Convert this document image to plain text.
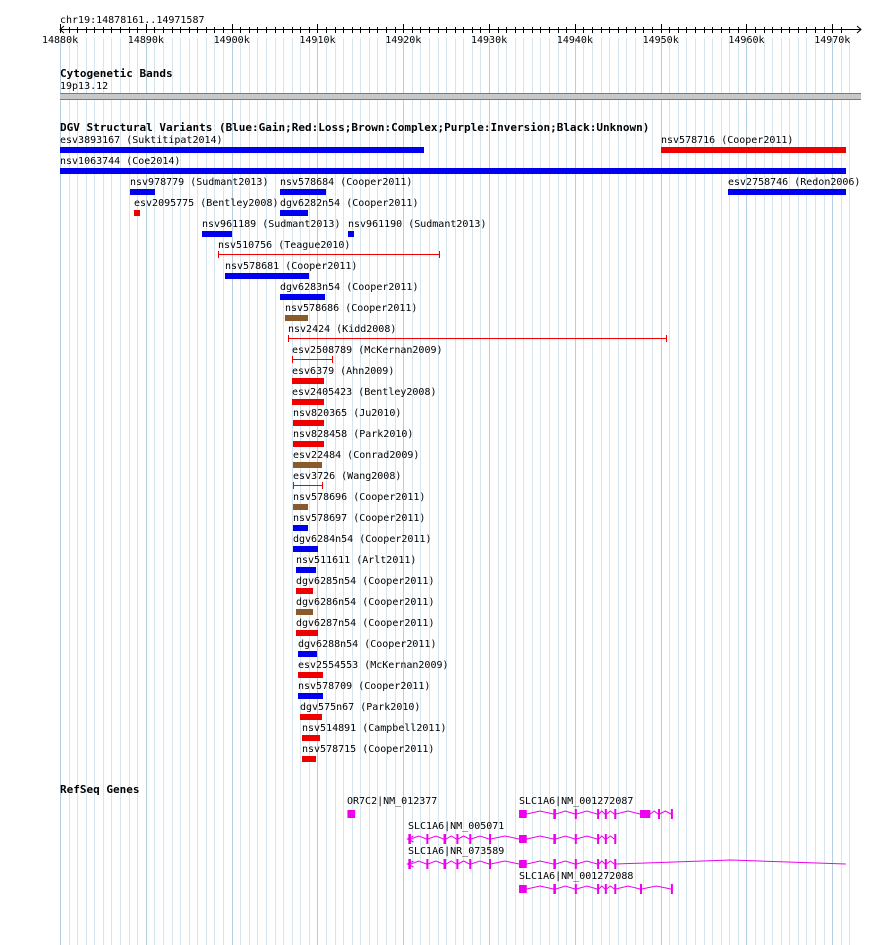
chr19:14878161..14971587
Cytogenetic Bands
19p13.12
DGV Structural Variants (Blue:Gain;Red:Loss;Brown:Complex;Purple:Inversion;Black:Unknown)
RefSeq Genes
14880k	14890k	14900k	14910k	14920k	14930k	14940k	14950k	14960k	14970k
esv3893167 (Suktitipat2014)	nsv578716 (Cooper2011)
nsv1063744 (Coe2014)
nsv978779 (Sudmant2013) nsv578684 (Cooper2011)	esv2758746 (Redon2006)
esv2095775 (Bentley2008) dgv6282n54 (Cooper2011)
nsv961189 (Sudmant2013) nsv961190 (Sudmant2013)
nsv510756 (Teague2010)
nsv578681 (Cooper2011)
dgv6283n54 (Cooper2011)
nsv578686 (Cooper2011)
nsv2424 (Kidd2008)
esv2508789 (McKernan2009)
esv6379 (Ahn2009)
esv2405423 (Bentley2008)
nsv820365 (Ju2010)
nsv828458 (Park2010)
esv22484 (Conrad2009)
esv3726 (Wang2008)
nsv578696 (Cooper2011)
nsv578697 (Cooper2011)
dgv6284n54 (Cooper2011)
nsv511611 (Arlt2011)
dgv6285n54 (Cooper2011)
dgv6286n54 (Cooper2011)
dgv6287n54 (Cooper2011)
dgv6288n54 (Cooper2011)
esv2554553 (McKernan2009)
nsv578709 (Cooper2011)
dgv575n67 (Park2010)
nsv514891 (Campbell2011)
nsv578715 (Cooper2011)
OR7C2|NM_012377	SLC1A6|NM_001272087
SLC1A6|NM_005071
SLC1A6|NR_073589
SLC1A6|NM_001272088
